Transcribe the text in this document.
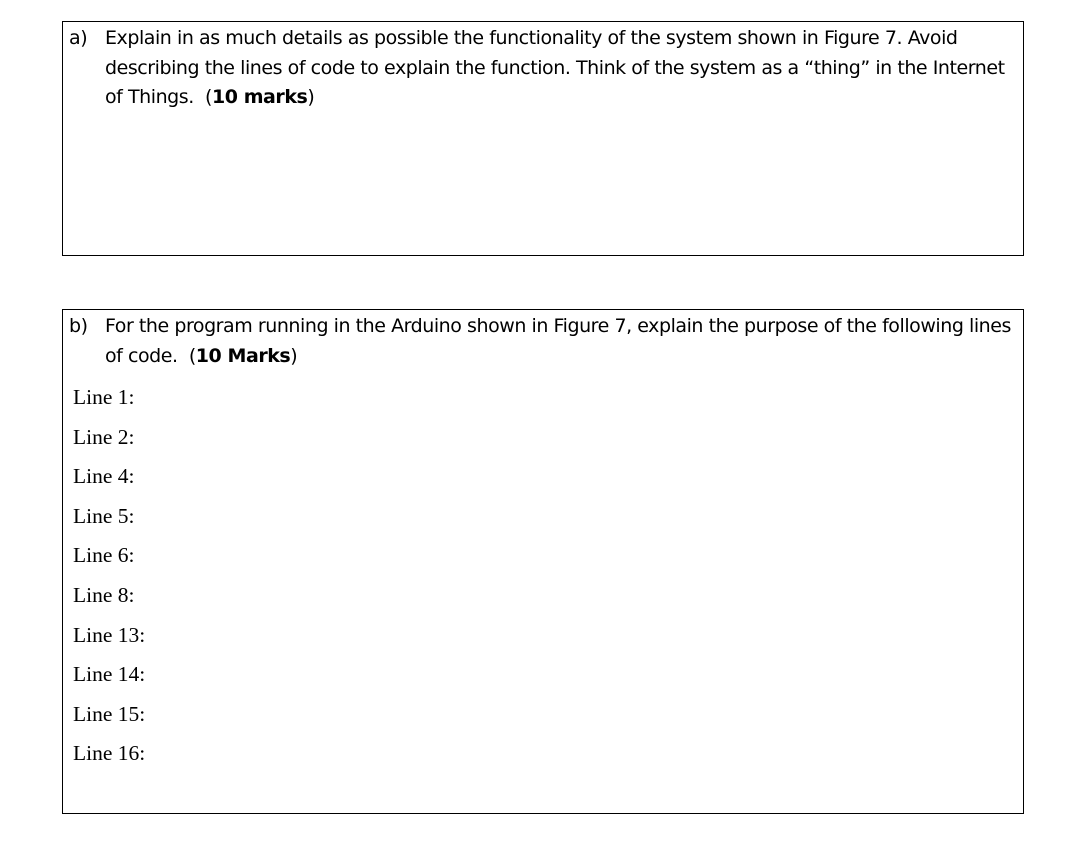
a) Explain in as much details as possible the functionality of the system shown in Figure 7. Avoid describing the lines of code to explain the function. Think of the system as a “thing” in the Internet of Things. (10 marks)
b) For the program running in the Arduino shown in Figure 7, explain the purpose of the following lines of code. (10 Marks)
Line 1:
Line 2:
Line 4:
Line 5:
Line 6:
Line 8:
Line 13:
Line 14:
Line 15:
Line 16:
